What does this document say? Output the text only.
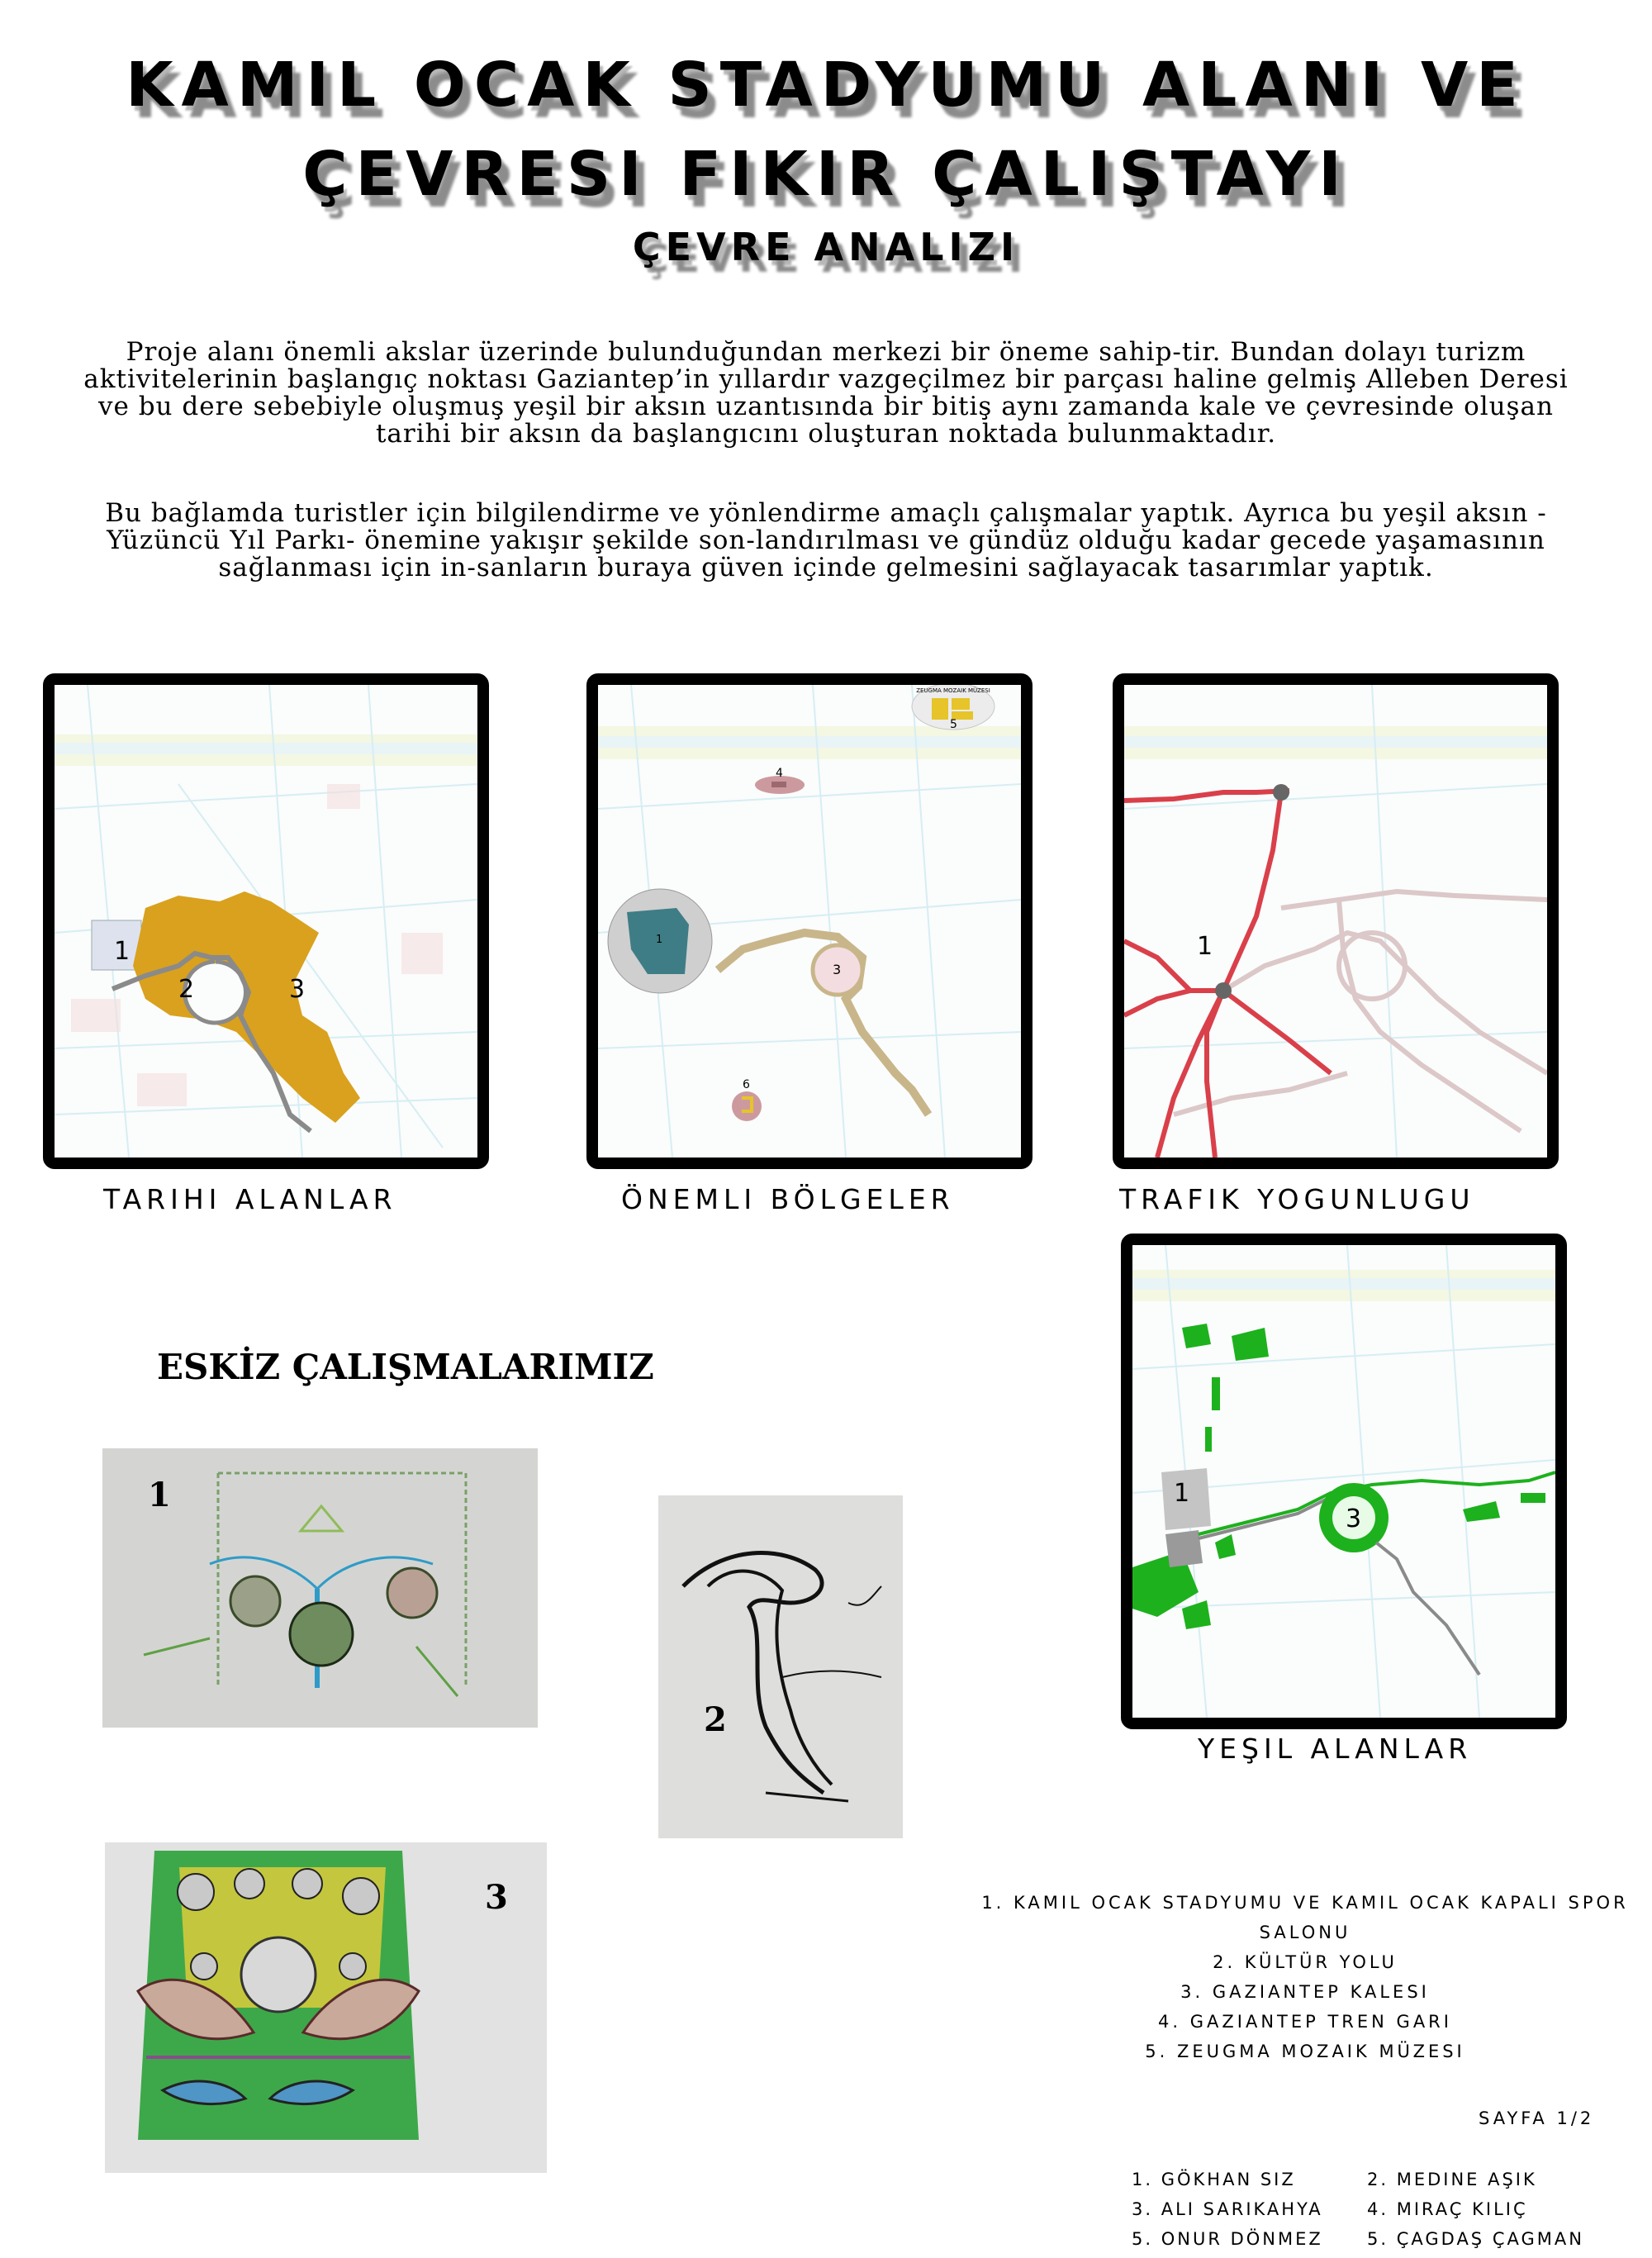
KAMIL OCAK STADYUMU ALANI VE
ÇEVRESI FIKIR ÇALIŞTAYI
ÇEVRE ANALIZI
Proje alanı önemli akslar üzerinde bulunduğundan merkezi bir öneme sahip-tir. Bundan dolayı turizm aktivitelerinin başlangıç noktası Gaziantep’in yıllardır vazgeçilmez bir parçası haline gelmiş Alleben Deresi ve bu dere sebebiyle oluşmuş yeşil bir aksın uzantısında bir bitiş aynı zamanda kale ve çevresinde oluşan tarihi bir aksın da başlangıcını oluşturan noktada bulunmaktadır.
Bu bağlamda turistler için bilgilendirme ve yönlendirme amaçlı çalışmalar yaptık. Ayrıca bu yeşil aksın -Yüzüncü Yıl Parkı- önemine yakışır şekilde son-landırılması ve gündüz olduğu kadar gecede yaşamasının sağlanması için in-sanların buraya güven içinde gelmesini sağlayacak tasarımlar yaptık.
1
2	3
TARIHI ALANLAR
ZEUGMA MOZAIK MÜZESI
5
4
1
3
6
ÖNEMLI BÖLGELER
1
TRAFIK YOGUNLUGU
1
3
YEŞIL ALANLAR
ESKİZ ÇALIŞMALARIMIZ
1
2
3	1. KAMIL OCAK STADYUMU VE KAMIL OCAK KAPALI SPOR SALONU
2. KÜLTÜR YOLU
3. GAZIANTEP KALESI
4. GAZIANTEP TREN GARI
5. ZEUGMA MOZAIK MÜZESI
SAYFA 1/2
1. GÖKHAN SIZ	2. MEDINE AŞIK
3. ALI SARIKAHYA	4. MIRAÇ KILIÇ
5. ONUR DÖNMEZ	5. ÇAGDAŞ ÇAGMAN
